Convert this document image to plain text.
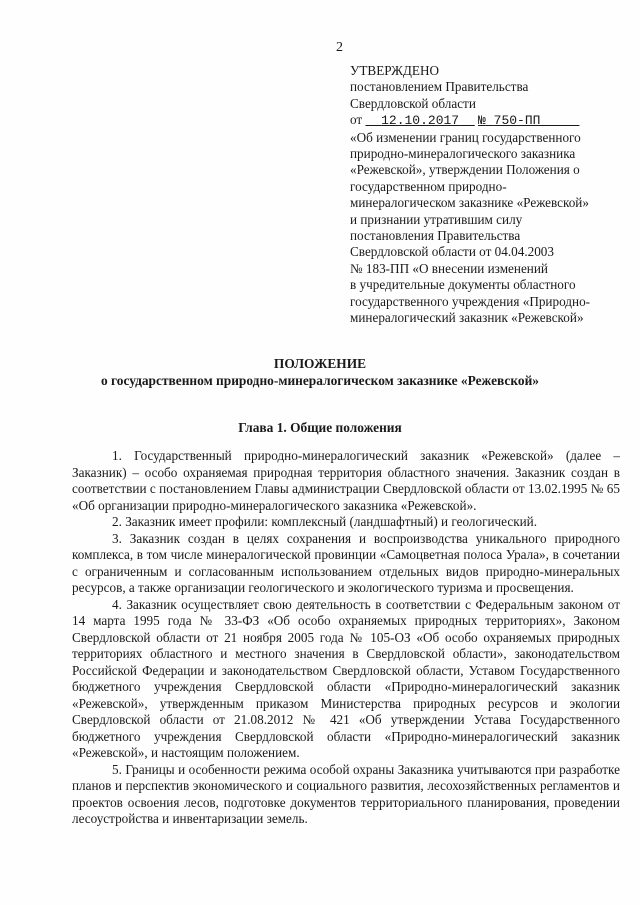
2
УТВЕРЖДЕНО
постановлением Правительства
Свердловской области
от 12.10.2017 № 750-ПП
«Об изменении границ государственного
природно-минералогического заказника
«Режевской», утверждении Положения о
государственном природно-
минералогическом заказнике «Режевской»
и признании утратившим силу
постановления Правительства
Свердловской области от 04.04.2003
№ 183-ПП «О внесении изменений
в учредительные документы областного
государственного учреждения «Природно-
минералогический заказник «Режевской»
ПОЛОЖЕНИЕ
о государственном природно-минералогическом заказнике «Режевской»
Глава 1. Общие положения

1. Государственный природно-минералогический заказник «Режевской» (далее – Заказник) – особо охраняемая природная территория областного значения. Заказник создан в соответствии с постановлением Главы администрации Свердловской области от 13.02.1995 № 65 «Об организации природно-минералогического заказника «Режевской».

2. Заказник имеет профили: комплексный (ландшафтный) и геологический.

3. Заказник создан в целях сохранения и воспроизводства уникального природного комплекса, в том числе минералогической провинции «Самоцветная полоса Урала», в сочетании с ограниченным и согласованным использованием отдельных видов природно-минеральных ресурсов, а также организации геологического и экологического туризма и просвещения.

4. Заказник осуществляет свою деятельность в соответствии с Федеральным законом от 14 марта 1995 года № 33-ФЗ «Об особо охраняемых природных территориях», Законом Свердловской области от 21 ноября 2005 года № 105-ОЗ «Об особо охраняемых природных территориях областного и местного значения в Свердловской области», законодательством Российской Федерации и законодательством Свердловской области, Уставом Государственного бюджетного учреждения Свердловской области «Природно-минералогический заказник «Режевской», утвержденным приказом Министерства природных ресурсов и экологии Свердловской области от 21.08.2012 № 421 «Об утверждении Устава Государственного бюджетного учреждения Свердловской области «Природно-минералогический заказник «Режевской», и настоящим положением.

5. Границы и особенности режима особой охраны Заказника учитываются при разработке планов и перспектив экономического и социального развития, лесохозяйственных регламентов и проектов освоения лесов, подготовке документов территориального планирования, проведении лесоустройства и инвентаризации земель.
